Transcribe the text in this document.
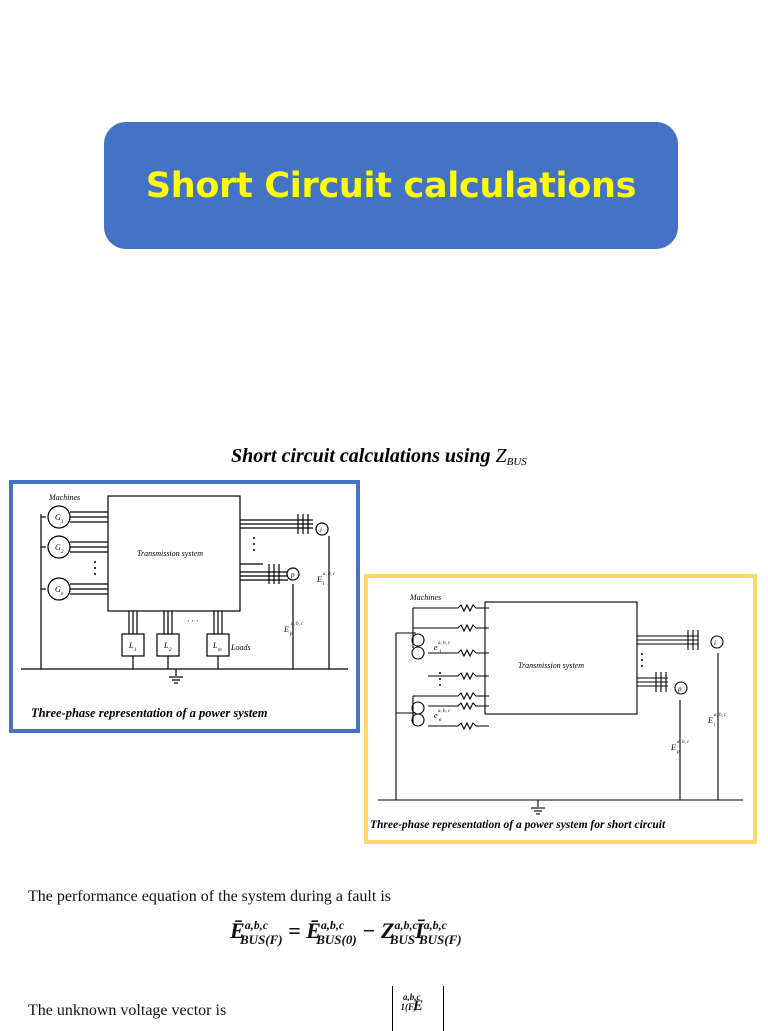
Short Circuit calculations
Short circuit calculations using $Z_{BUS}$
Machines
Transmission system
Loads
G
1
G
2
G
n
L
1
L
2
L
m
i
p
E
a, b, c
p
E
a, b, c
i
· · ·
Three-phase representation of a power system
Machines
Transmission system
i
p
e
1
a, b, c
e
n
a, b, c
E
a, b, c
p
E
a, b, c
i
Three-phase representation of a power system for short circuit
The performance equation of the system during a fault is
Ē$^{a,b,c}_{BUS(F)}$ = Ē$^{a,b,c}_{BUS(0)}$ − $Z^{a,b,c}_{BUS}Ī^{a,b,c}_{BUS(F)}$
The unknown voltage vector is	E
$^{a,b,c}_{1(F)}$
